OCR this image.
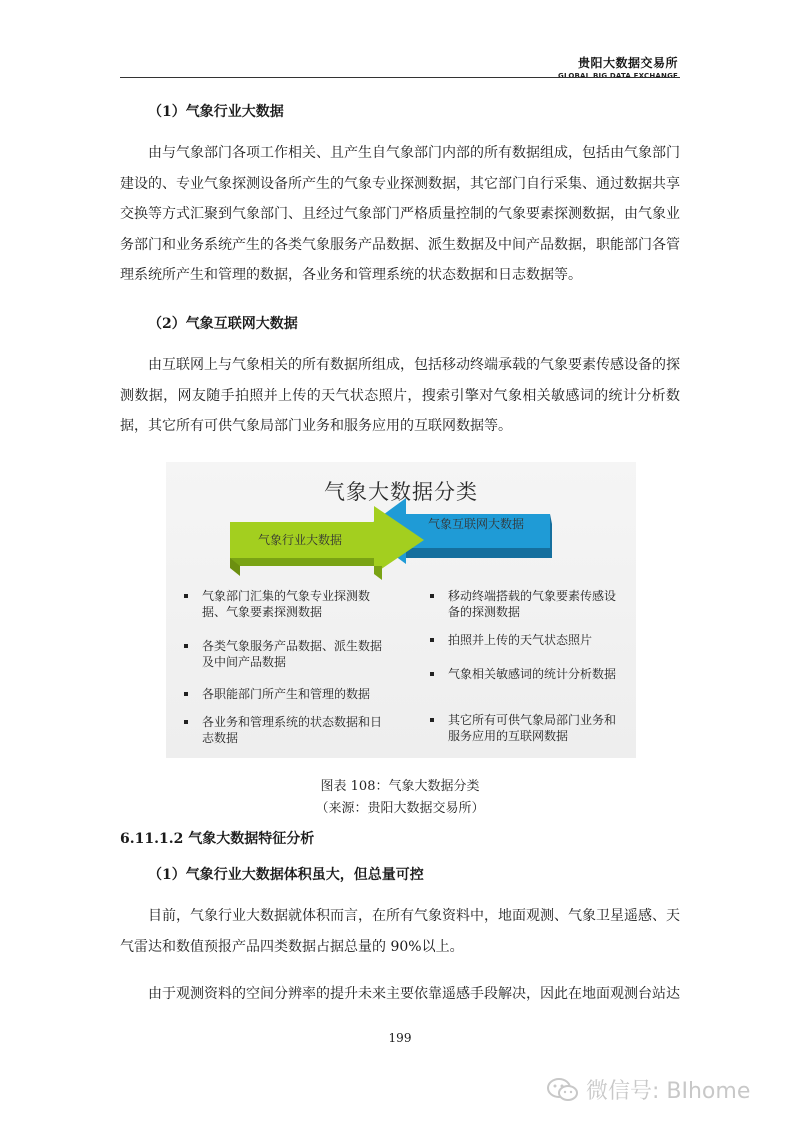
贵阳大数据交易所
GLOBAL BIG DATA EXCHANGE
（1）气象行业大数据
由与气象部门各项工作相关、且产生自气象部门内部的所有数据组成，包括由气象部门建设的、专业气象探测设备所产生的气象专业探测数据，其它部门自行采集、通过数据共享交换等方式汇聚到气象部门、且经过气象部门严格质量控制的气象要素探测数据，由气象业务部门和业务系统产生的各类气象服务产品数据、派生数据及中间产品数据，职能部门各管理系统所产生和管理的数据，各业务和管理系统的状态数据和日志数据等。
（2）气象互联网大数据
由互联网上与气象相关的所有数据所组成，包括移动终端承载的气象要素传感设备的探测数据，网友随手拍照并上传的天气状态照片，搜索引擎对气象相关敏感词的统计分析数据，其它所有可供气象局部门业务和服务应用的互联网数据等。
气象大数据分类
气象行业大数据
气象互联网大数据
气象部门汇集的气象专业探测数据、气象要素探测数据
各类气象服务产品数据、派生数据及中间产品数据
各职能部门所产生和管理的数据
各业务和管理系统的状态数据和日志数据
移动终端搭载的气象要素传感设备的探测数据
拍照并上传的天气状态照片
气象相关敏感词的统计分析数据
其它所有可供气象局部门业务和服务应用的互联网数据
图表 108：气象大数据分类
（来源：贵阳大数据交易所）
6.11.1.2 气象大数据特征分析
（1）气象行业大数据体积虽大，但总量可控
目前，气象行业大数据就体积而言，在所有气象资料中，地面观测、气象卫星遥感、天气雷达和数值预报产品四类数据占据总量的 90%以上。
由于观测资料的空间分辨率的提升未来主要依靠遥感手段解决，因此在地面观测台站达
199
微信号: BIhome
